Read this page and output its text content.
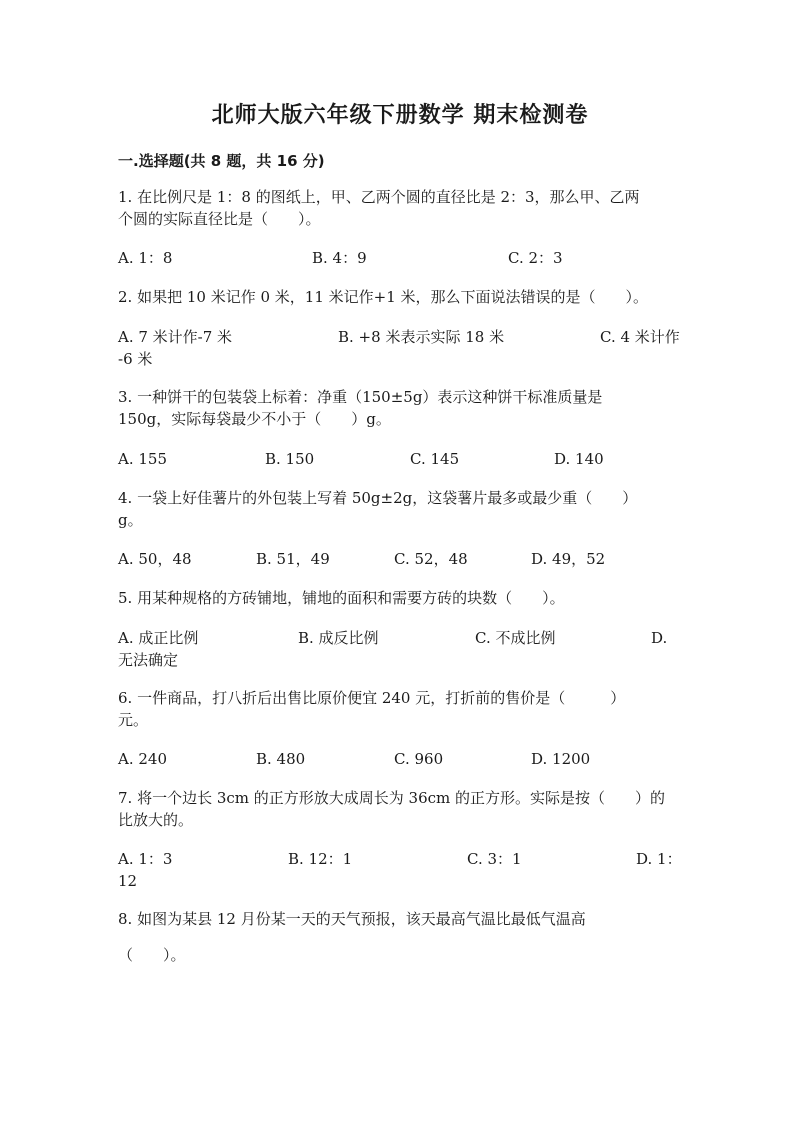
北师大版六年级下册数学 期末检测卷
一.选择题(共 8 题，共 16 分)
1. 在比例尺是 1：8 的图纸上，甲、乙两个圆的直径比是 2：3，那么甲、乙两
个圆的实际直径比是（　　）。
A. 1：8	B. 4：9	C. 2：3
2. 如果把 10 米记作 0 米，11 米记作+1 米，那么下面说法错误的是（　　）。
A. 7 米计作-7 米	B. +8 米表示实际 18 米	C. 4 米计作
-6 米
3. 一种饼干的包装袋上标着：净重（150±5g）表示这种饼干标准质量是
150g，实际每袋最少不小于（　　）g。
A. 155	B. 150	C. 145	D. 140
4. 一袋上好佳薯片的外包装上写着 50g±2g，这袋薯片最多或最少重（　　）
g。
A. 50，48	B. 51，49	C. 52，48	D. 49，52
5. 用某种规格的方砖铺地，铺地的面积和需要方砖的块数（　　）。
A. 成正比例	B. 成反比例	C. 不成比例	D.
无法确定
6. 一件商品，打八折后出售比原价便宜 240 元，打折前的售价是（　　　）
元。
A. 240	B. 480	C. 960	D. 1200
7. 将一个边长 3cm 的正方形放大成周长为 36cm 的正方形。实际是按（　　）的
比放大的。
A. 1：3	B. 12：1	C. 3：1	D. 1：
12
8. 如图为某县 12 月份某一天的天气预报，该天最高气温比最低气温高
（　　）。
